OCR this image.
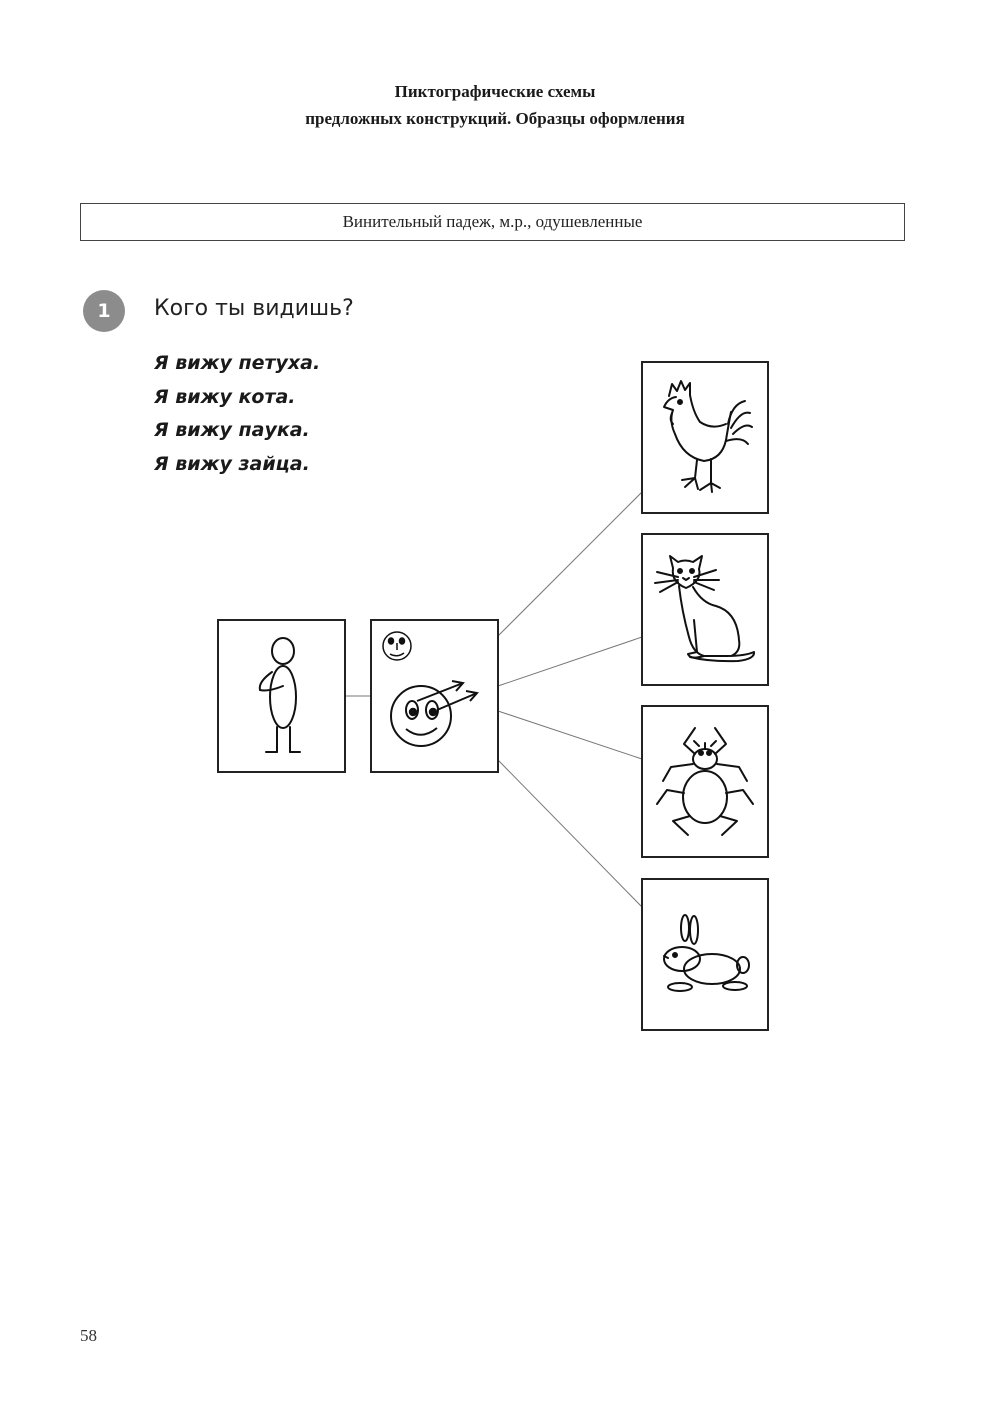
Пиктографические схемы
предложных конструкций. Образцы оформления
Винительный падеж, м.р., одушевленные
1	Кого ты видишь?
Я вижу петуха.
Я вижу кота.
Я вижу паука.
Я вижу зайца.
58
